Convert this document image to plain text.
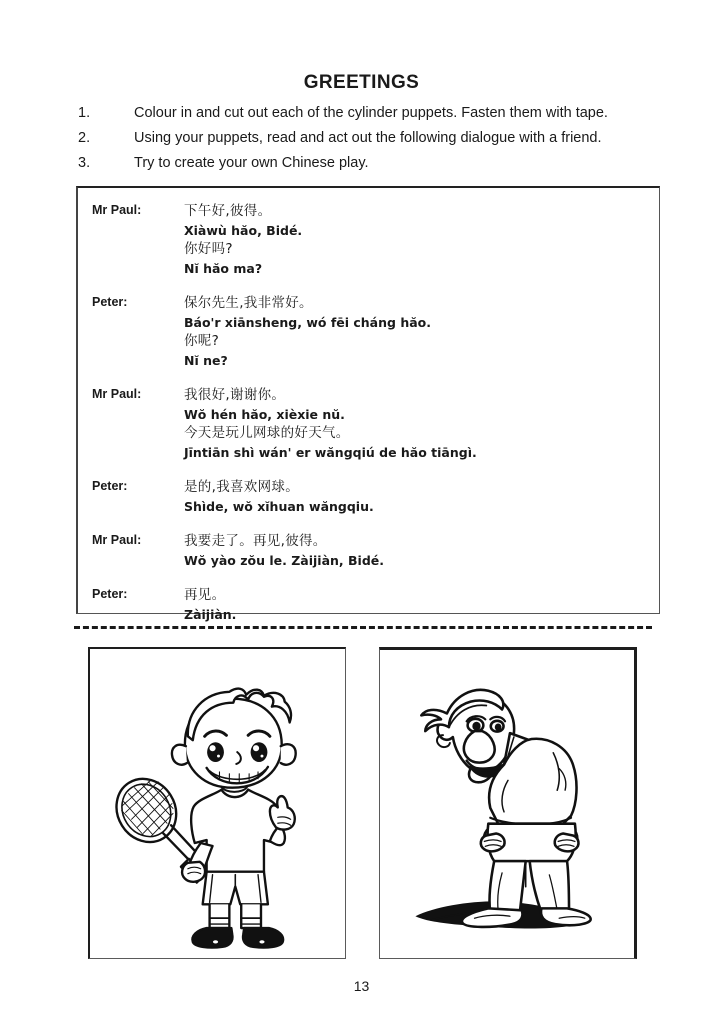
GREETINGS
1.	Colour in and cut out each of the cylinder puppets. Fasten them with tape.
2.	Using your puppets, read and act out the following dialogue with a friend.
3.	Try to create your own Chinese play.
Mr Paul:	下午好,彼得。
Xiàwù hăo, Bidé.
你好吗?
Nĭ hăo ma?
Peter:	保尔先生,我非常好。
Báo'r xiānsheng, wó fēi cháng hăo.
你呢?
Nĭ ne?
Mr Paul:	我很好,谢谢你。
Wŏ hén hăo, xièxie nŭ.
今天是玩儿网球的好天气。
Jīntiān shì wán' er wăngqiú de hăo tiāngì.
Peter:	是的,我喜欢网球。
Shìde, wŏ xĭhuan wăngqiu.
Mr Paul:	我要走了。再见,彼得。
Wŏ yào zŏu le. Zàijiàn, Bidé.
Peter:	再见。
Zàijiàn.
13
